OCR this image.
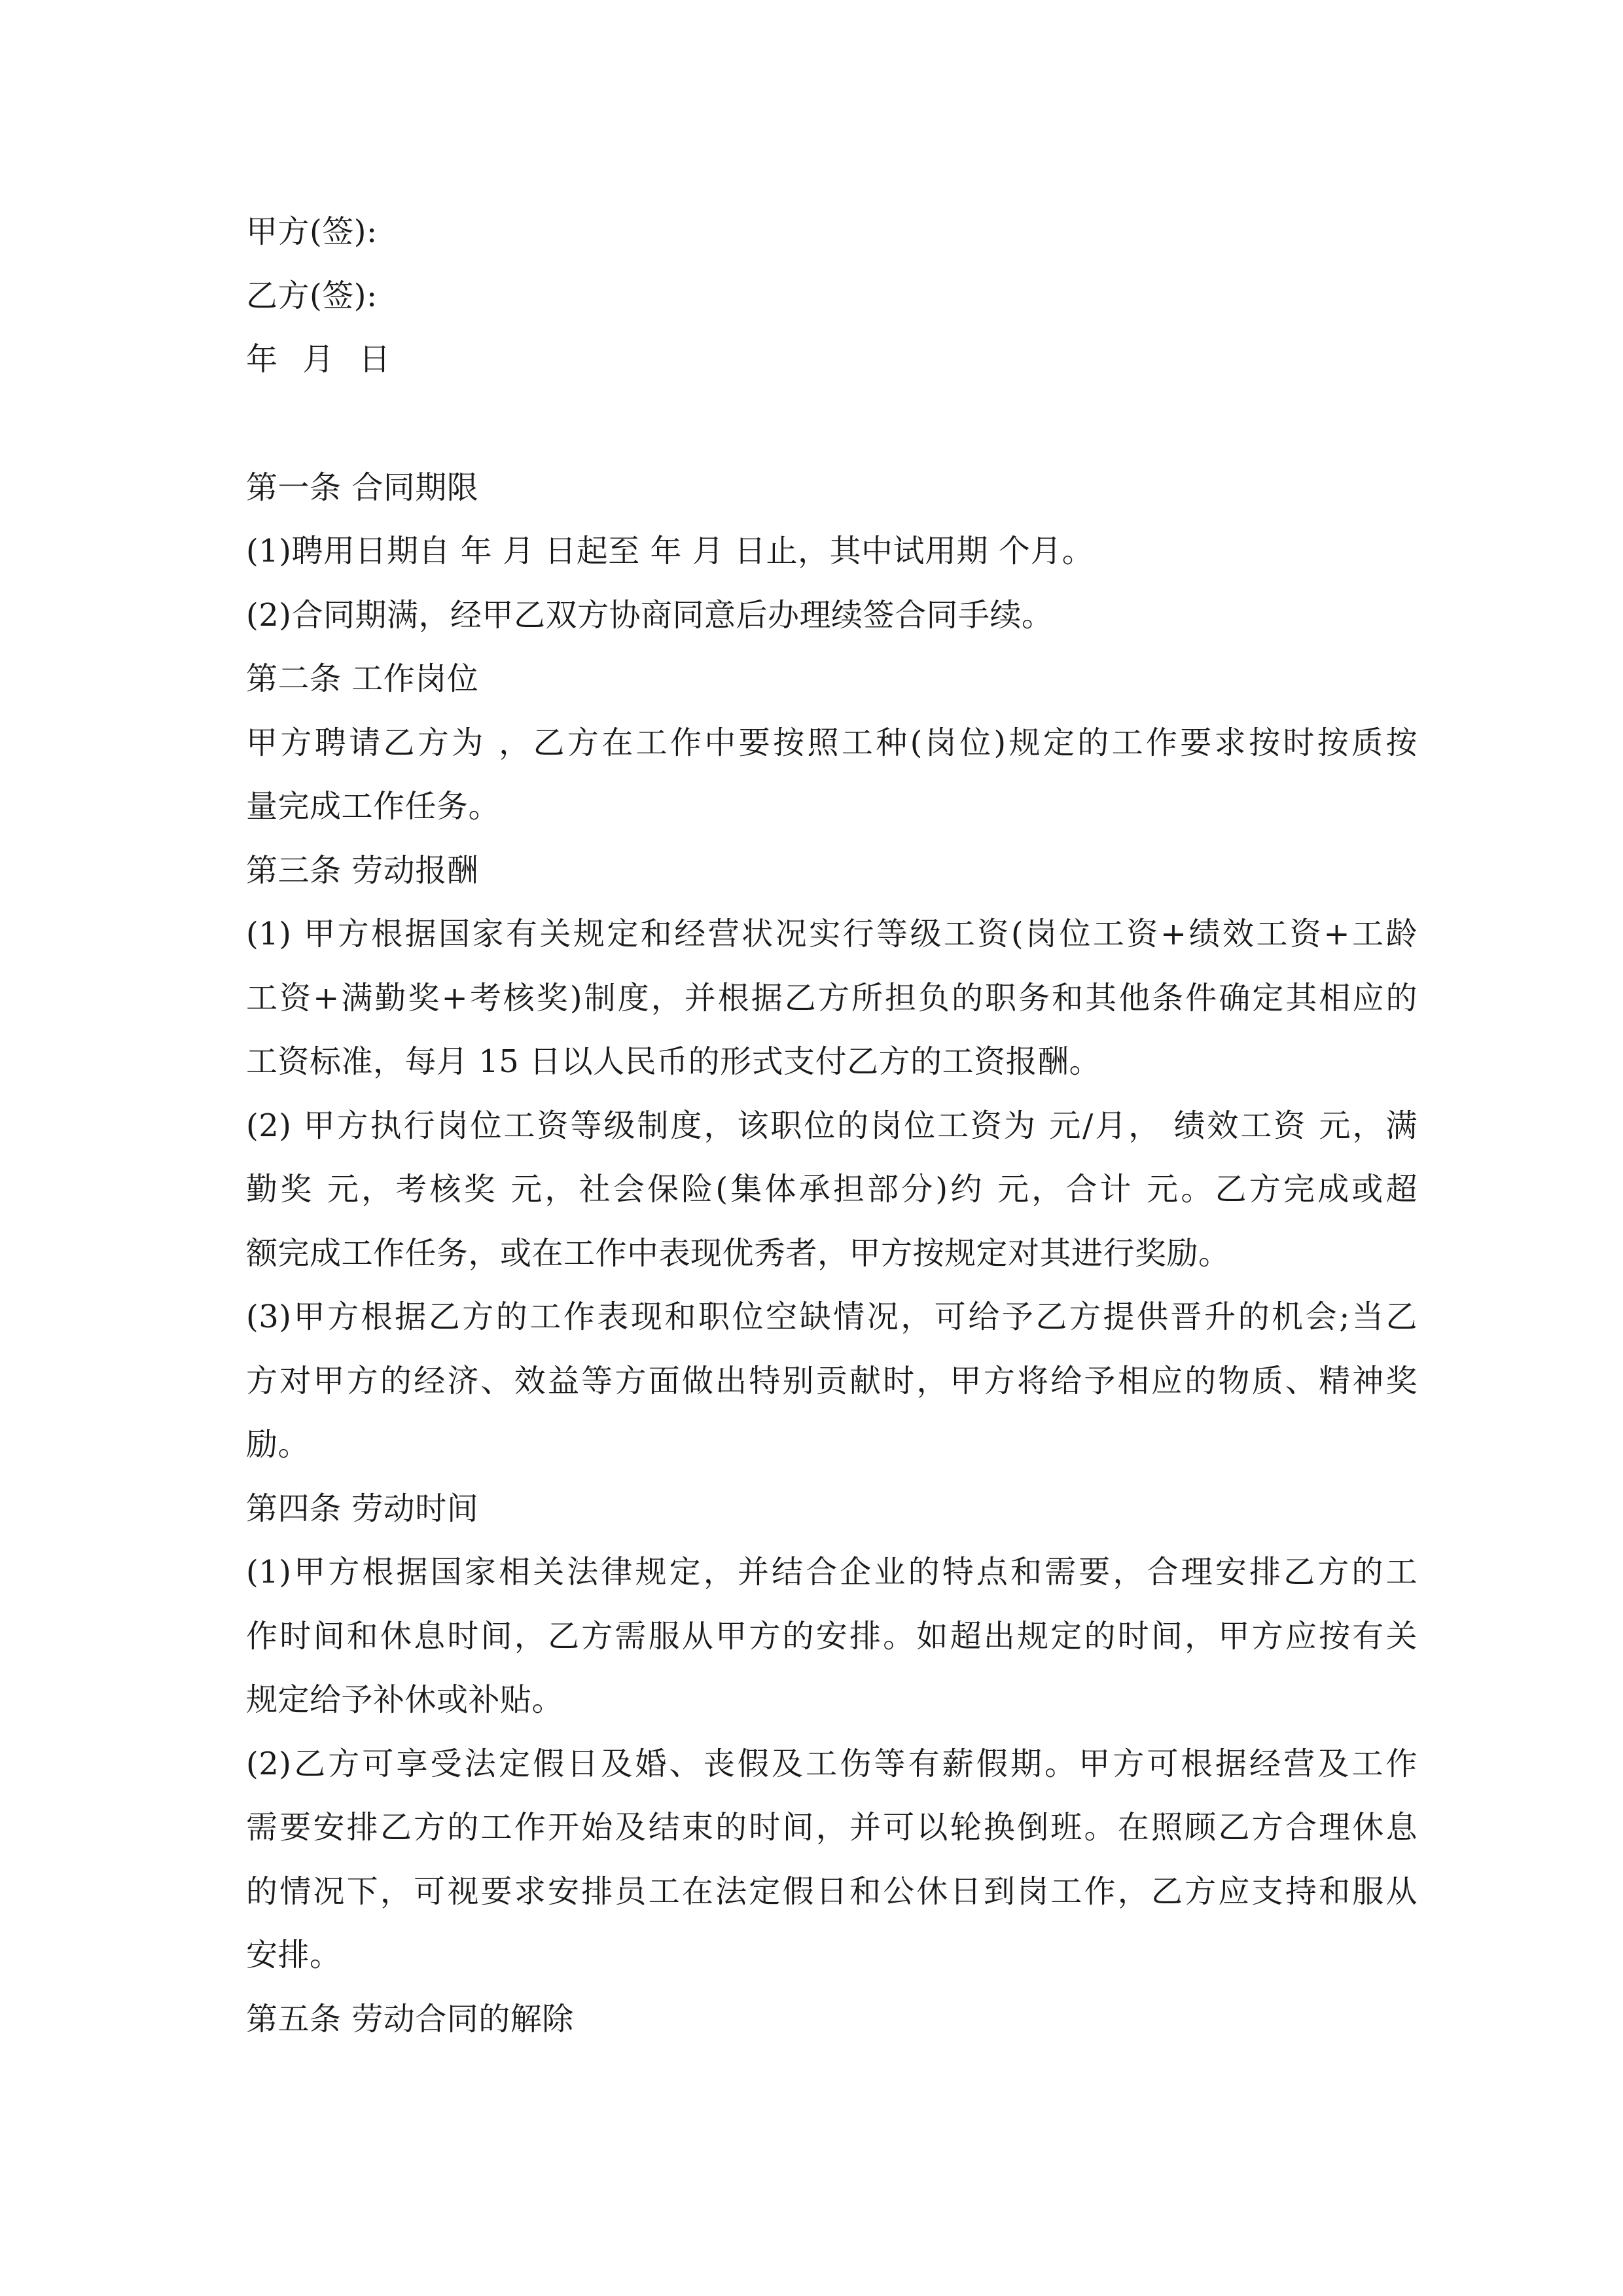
甲方(签):

乙方(签):

年 月 日

第一条 合同期限

(1)聘用日期自 年 月 日起至 年 月 日止，其中试用期 个月。

(2)合同期满，经甲乙双方协商同意后办理续签合同手续。

第二条 工作岗位

甲方聘请乙方为 ，乙方在工作中要按照工种(岗位)规定的工作要求按时按质按

量完成工作任务。

第三条 劳动报酬

(1) 甲方根据国家有关规定和经营状况实行等级工资(岗位工资+绩效工资+工龄

工资+满勤奖+考核奖)制度，并根据乙方所担负的职务和其他条件确定其相应的

工资标准，每月 15 日以人民币的形式支付乙方的工资报酬。

(2) 甲方执行岗位工资等级制度，该职位的岗位工资为 元/月， 绩效工资 元，满

勤奖 元，考核奖 元，社会保险(集体承担部分)约 元，合计 元。乙方完成或超

额完成工作任务，或在工作中表现优秀者，甲方按规定对其进行奖励。

(3)甲方根据乙方的工作表现和职位空缺情况，可给予乙方提供晋升的机会;当乙

方对甲方的经济、效益等方面做出特别贡献时，甲方将给予相应的物质、精神奖

励。

第四条 劳动时间

(1)甲方根据国家相关法律规定，并结合企业的特点和需要，合理安排乙方的工

作时间和休息时间，乙方需服从甲方的安排。如超出规定的时间，甲方应按有关

规定给予补休或补贴。

(2)乙方可享受法定假日及婚、丧假及工伤等有薪假期。甲方可根据经营及工作

需要安排乙方的工作开始及结束的时间，并可以轮换倒班。在照顾乙方合理休息

的情况下，可视要求安排员工在法定假日和公休日到岗工作，乙方应支持和服从

安排。

第五条 劳动合同的解除
